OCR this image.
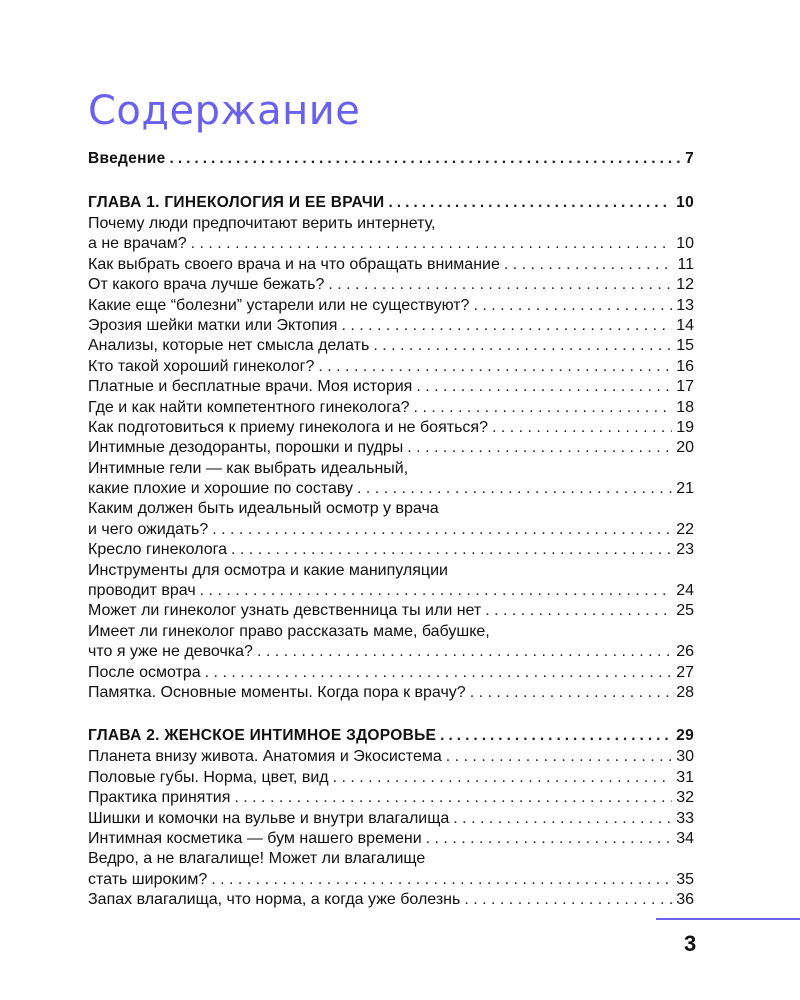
Содержание
Введение .....	7
ГЛАВА 1. ГИНЕКОЛОГИЯ И ЕЕ ВРАЧИ .....	10
Почему люди предпочитают верить интернету,
а не врачам? . . .	10
Как выбрать своего врача и на что обращать внимание . . .	11
От какого врача лучше бежать? . . .	12
Какие еще “болезни” устарели или не существуют? . . .	13
Эрозия шейки матки или Эктопия . . .	14
Анализы, которые нет смысла делать . . .	15
Кто такой хороший гинеколог? . . .	16
Платные и бесплатные врачи. Моя история . . .	17
Где и как найти компетентного гинеколога? . . .	18
Как подготовиться к приему гинеколога и не бояться? . . .	19
Интимные дезодоранты, порошки и пудры . . .	20
Интимные гели — как выбрать идеальный,
какие плохие и хорошие по составу . . .	21
Каким должен быть идеальный осмотр у врача
и чего ожидать? . . .	22
Кресло гинеколога . . .	23
Инструменты для осмотра и какие манипуляции
проводит врач . . .	24
Может ли гинеколог узнать девственница ты или нет . . .	25
Имеет ли гинеколог право рассказать маме, бабушке,
что я уже не девочка? . . .	26
После осмотра . . .	27
Памятка. Основные моменты. Когда пора к врачу? . . .	28
ГЛАВА 2. ЖЕНСКОЕ ИНТИМНОЕ ЗДОРОВЬЕ .....	29
Планета внизу живота. Анатомия и Экосистема . . .	30
Половые губы. Норма, цвет, вид . . .	31
Практика принятия . . .	32
Шишки и комочки на вульве и внутри влагалища . . .	33
Интимная косметика — бум нашего времени . . .	34
Ведро, а не влагалище! Может ли влагалище
стать широким? . . .	35
Запах влагалища, что норма, а когда уже болезнь . . .	36
3
